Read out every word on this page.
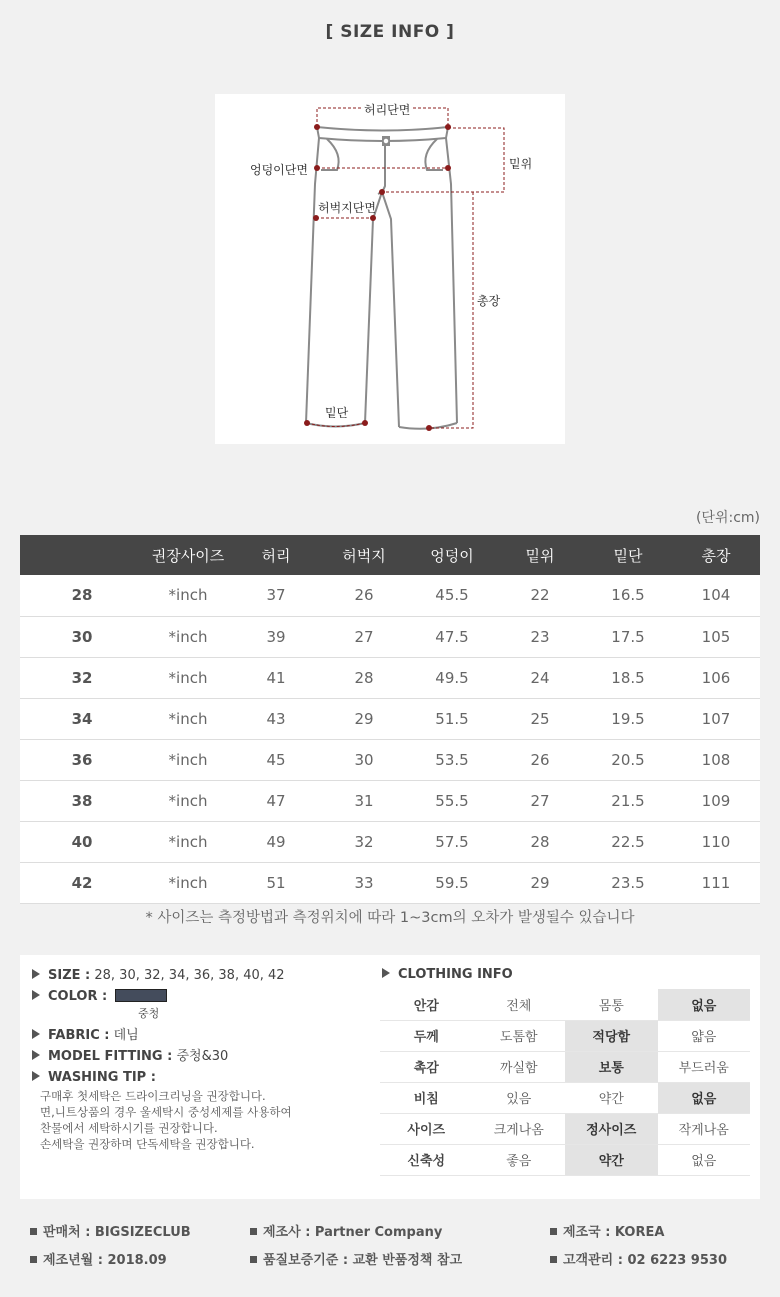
[ SIZE INFO ]
허리단면
엉덩이단면
허벅지단면
밑위
총장
밑단
(단위:cm)
	권장사이즈	허리	허벅지	엉덩이	밑위	밑단	총장
28	*inch	37	26	45.5	22	16.5	104
30	*inch	39	27	47.5	23	17.5	105
32	*inch	41	28	49.5	24	18.5	106
34	*inch	43	29	51.5	25	19.5	107
36	*inch	45	30	53.5	26	20.5	108
38	*inch	47	31	55.5	27	21.5	109
40	*inch	49	32	57.5	28	22.5	110
42	*inch	51	33	59.5	29	23.5	111
* 사이즈는 측정방법과 측정위치에 따라 1~3cm의 오차가 발생될수 있습니다
SIZE : 28, 30, 32, 34, 36, 38, 40, 42
COLOR :
중청
FABRIC : 데님
MODEL FITTING : 중청&30
WASHING TIP :
구매후 첫세탁은 드라이크리닝을 권장합니다.
면,니트상품의 경우 울세탁시 중성세제를 사용하여
찬물에서 세탁하시기를 권장합니다.
손세탁을 권장하며 단독세탁을 권장합니다.
CLOTHING INFO
안감	전체	몸통	없음
두께	도톰함	적당함	얇음
촉감	까실함	보통	부드러움
비침	있음	약간	없음
사이즈	크게나옴	정사이즈	작게나옴
신축성	좋음	약간	없음
판매처 : BIGSIZECLUB	제조사 : Partner Company	제조국 : KOREA
제조년월 : 2018.09	품질보증기준 : 교환 반품정책 참고	고객관리 : 02 6223 9530
